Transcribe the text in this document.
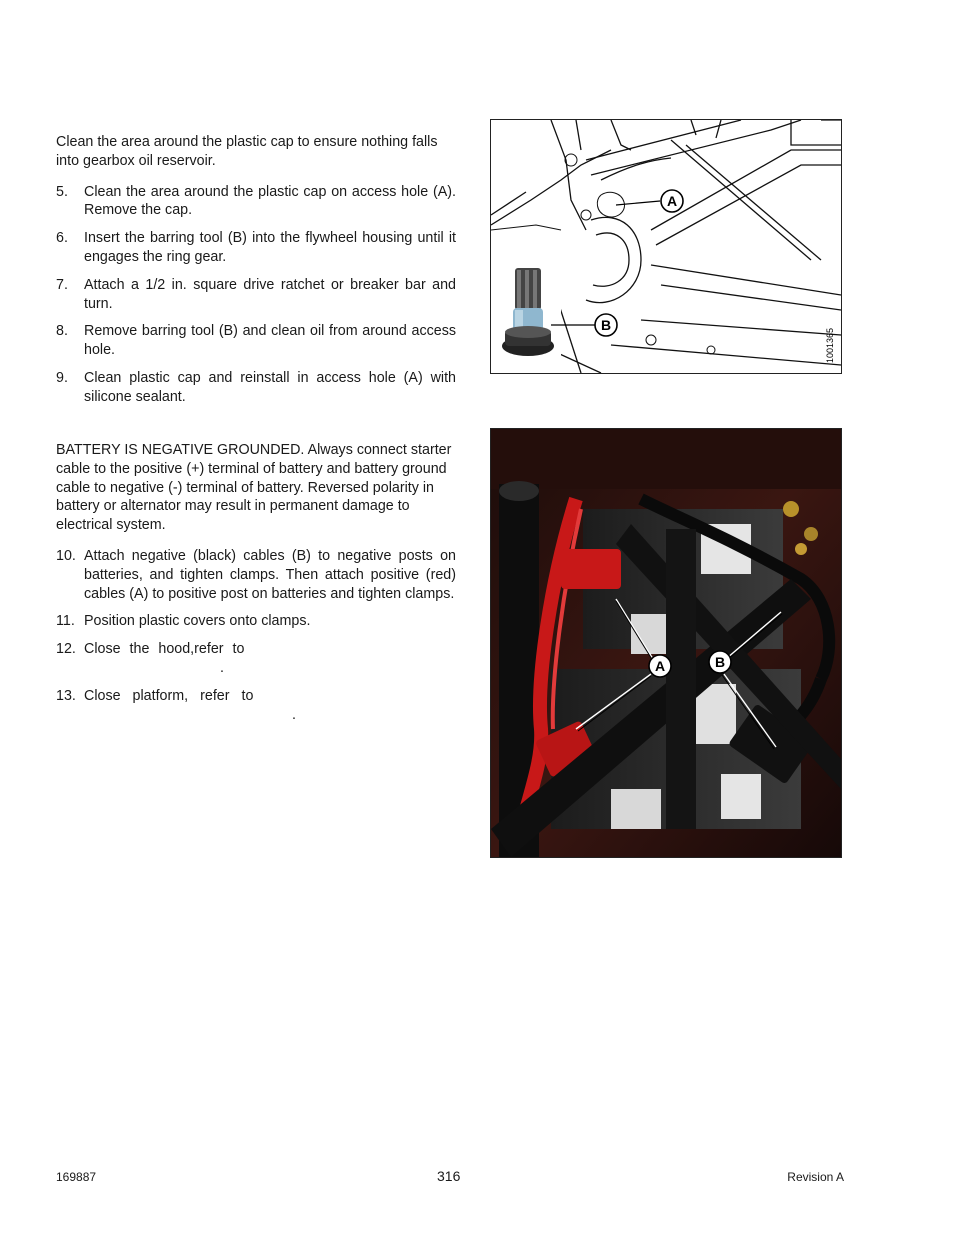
Clean the area around the plastic cap to ensure nothing falls into gearbox oil reservoir.

5. Clean the area around the plastic cap on access hole (A). Remove the cap.
6. Insert the barring tool (B) into the flywheel housing until it engages the ring gear.
7. Attach a 1/2 in. square drive ratchet or breaker bar and turn.
8. Remove barring tool (B) and clean oil from around access hole.
9. Clean plastic cap and reinstall in access hole (A) with silicone sealant.

BATTERY IS NEGATIVE GROUNDED. Always connect starter cable to the positive (+) terminal of battery and battery ground cable to negative (-) terminal of battery. Reversed polarity in battery or alternator may result in permanent damage to electrical system.

10. Attach negative (black) cables (B) to negative posts on batteries, and tighten clamps. Then attach positive (red) cables (A) to positive post on batteries and tighten clamps.
11. Position plastic covers onto clamps.
12. Close the hood,refer to
.
13. Close platform, refer to
.
A
B
1001365
A	B
169887	316	Revision A
